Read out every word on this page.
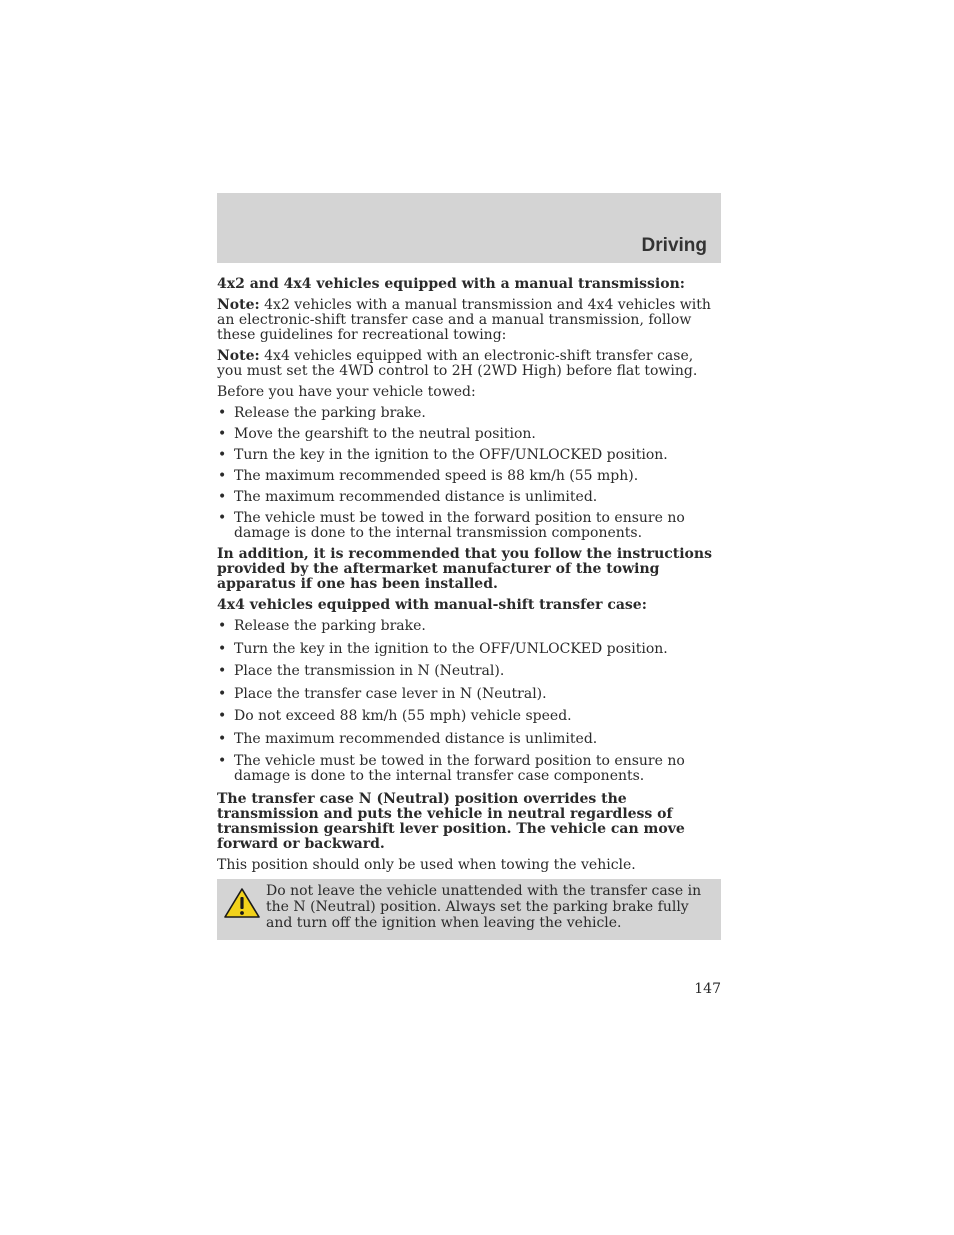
Driving

4x2 and 4x4 vehicles equipped with a manual transmission:

Note: 4x2 vehicles with a manual transmission and 4x4 vehicles with an electronic-shift transfer case and a manual transmission, follow these guidelines for recreational towing:

Note: 4x4 vehicles equipped with an electronic-shift transfer case, you must set the 4WD control to 2H (2WD High) before flat towing.

Before you have your vehicle towed:

• Release the parking brake.
• Move the gearshift to the neutral position.
• Turn the key in the ignition to the OFF/UNLOCKED position.
• The maximum recommended speed is 88 km/h (55 mph).
• The maximum recommended distance is unlimited.
• The vehicle must be towed in the forward position to ensure no damage is done to the internal transmission components.

In addition, it is recommended that you follow the instructions provided by the aftermarket manufacturer of the towing apparatus if one has been installed.

4x4 vehicles equipped with manual-shift transfer case:

• Release the parking brake.
• Turn the key in the ignition to the OFF/UNLOCKED position.
• Place the transmission in N (Neutral).
• Place the transfer case lever in N (Neutral).
• Do not exceed 88 km/h (55 mph) vehicle speed.
• The maximum recommended distance is unlimited.
• The vehicle must be towed in the forward position to ensure no damage is done to the internal transfer case components.

The transfer case N (Neutral) position overrides the transmission and puts the vehicle in neutral regardless of transmission gearshift lever position. The vehicle can move forward or backward.

This position should only be used when towing the vehicle.

Do not leave the vehicle unattended with the transfer case in the N (Neutral) position. Always set the parking brake fully and turn off the ignition when leaving the vehicle.
147
